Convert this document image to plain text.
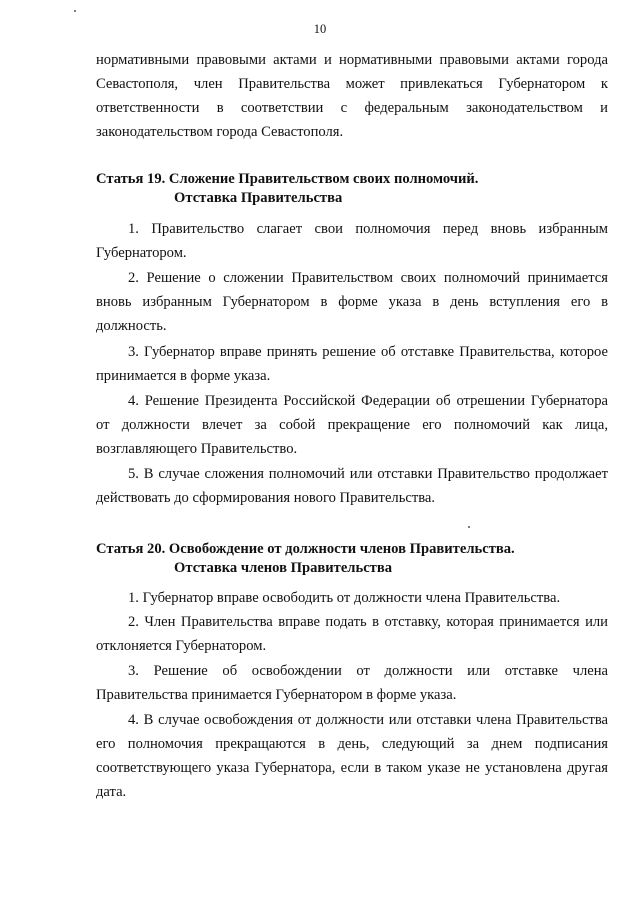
10

нормативными правовыми актами и нормативными правовыми актами города Севастополя, член Правительства может привлекаться Губернатором к ответственности в соответствии с федеральным законодательством и законодательством города Севастополя.

Статья 19. Сложение Правительством своих полномочий.
Отставка Правительства

1. Правительство слагает свои полномочия перед вновь избранным Губернатором.

2. Решение о сложении Правительством своих полномочий принимается вновь избранным Губернатором в форме указа в день вступления его в должность.

3. Губернатор вправе принять решение об отставке Правительства, которое принимается в форме указа.

4. Решение Президента Российской Федерации об отрешении Губернатора от должности влечет за собой прекращение его полномочий как лица, возглавляющего Правительство.

5. В случае сложения полномочий или отставки Правительство продолжает действовать до сформирования нового Правительства.

Статья 20. Освобождение от должности членов Правительства.
Отставка членов Правительства

1. Губернатор вправе освободить от должности члена Правительства.

2. Член Правительства вправе подать в отставку, которая принимается или отклоняется Губернатором.

3. Решение об освобождении от должности или отставке члена Правительства принимается Губернатором в форме указа.

4. В случае освобождения от должности или отставки члена Правительства его полномочия прекращаются в день, следующий за днем подписания соответствующего указа Губернатора, если в таком указе не установлена другая дата.
